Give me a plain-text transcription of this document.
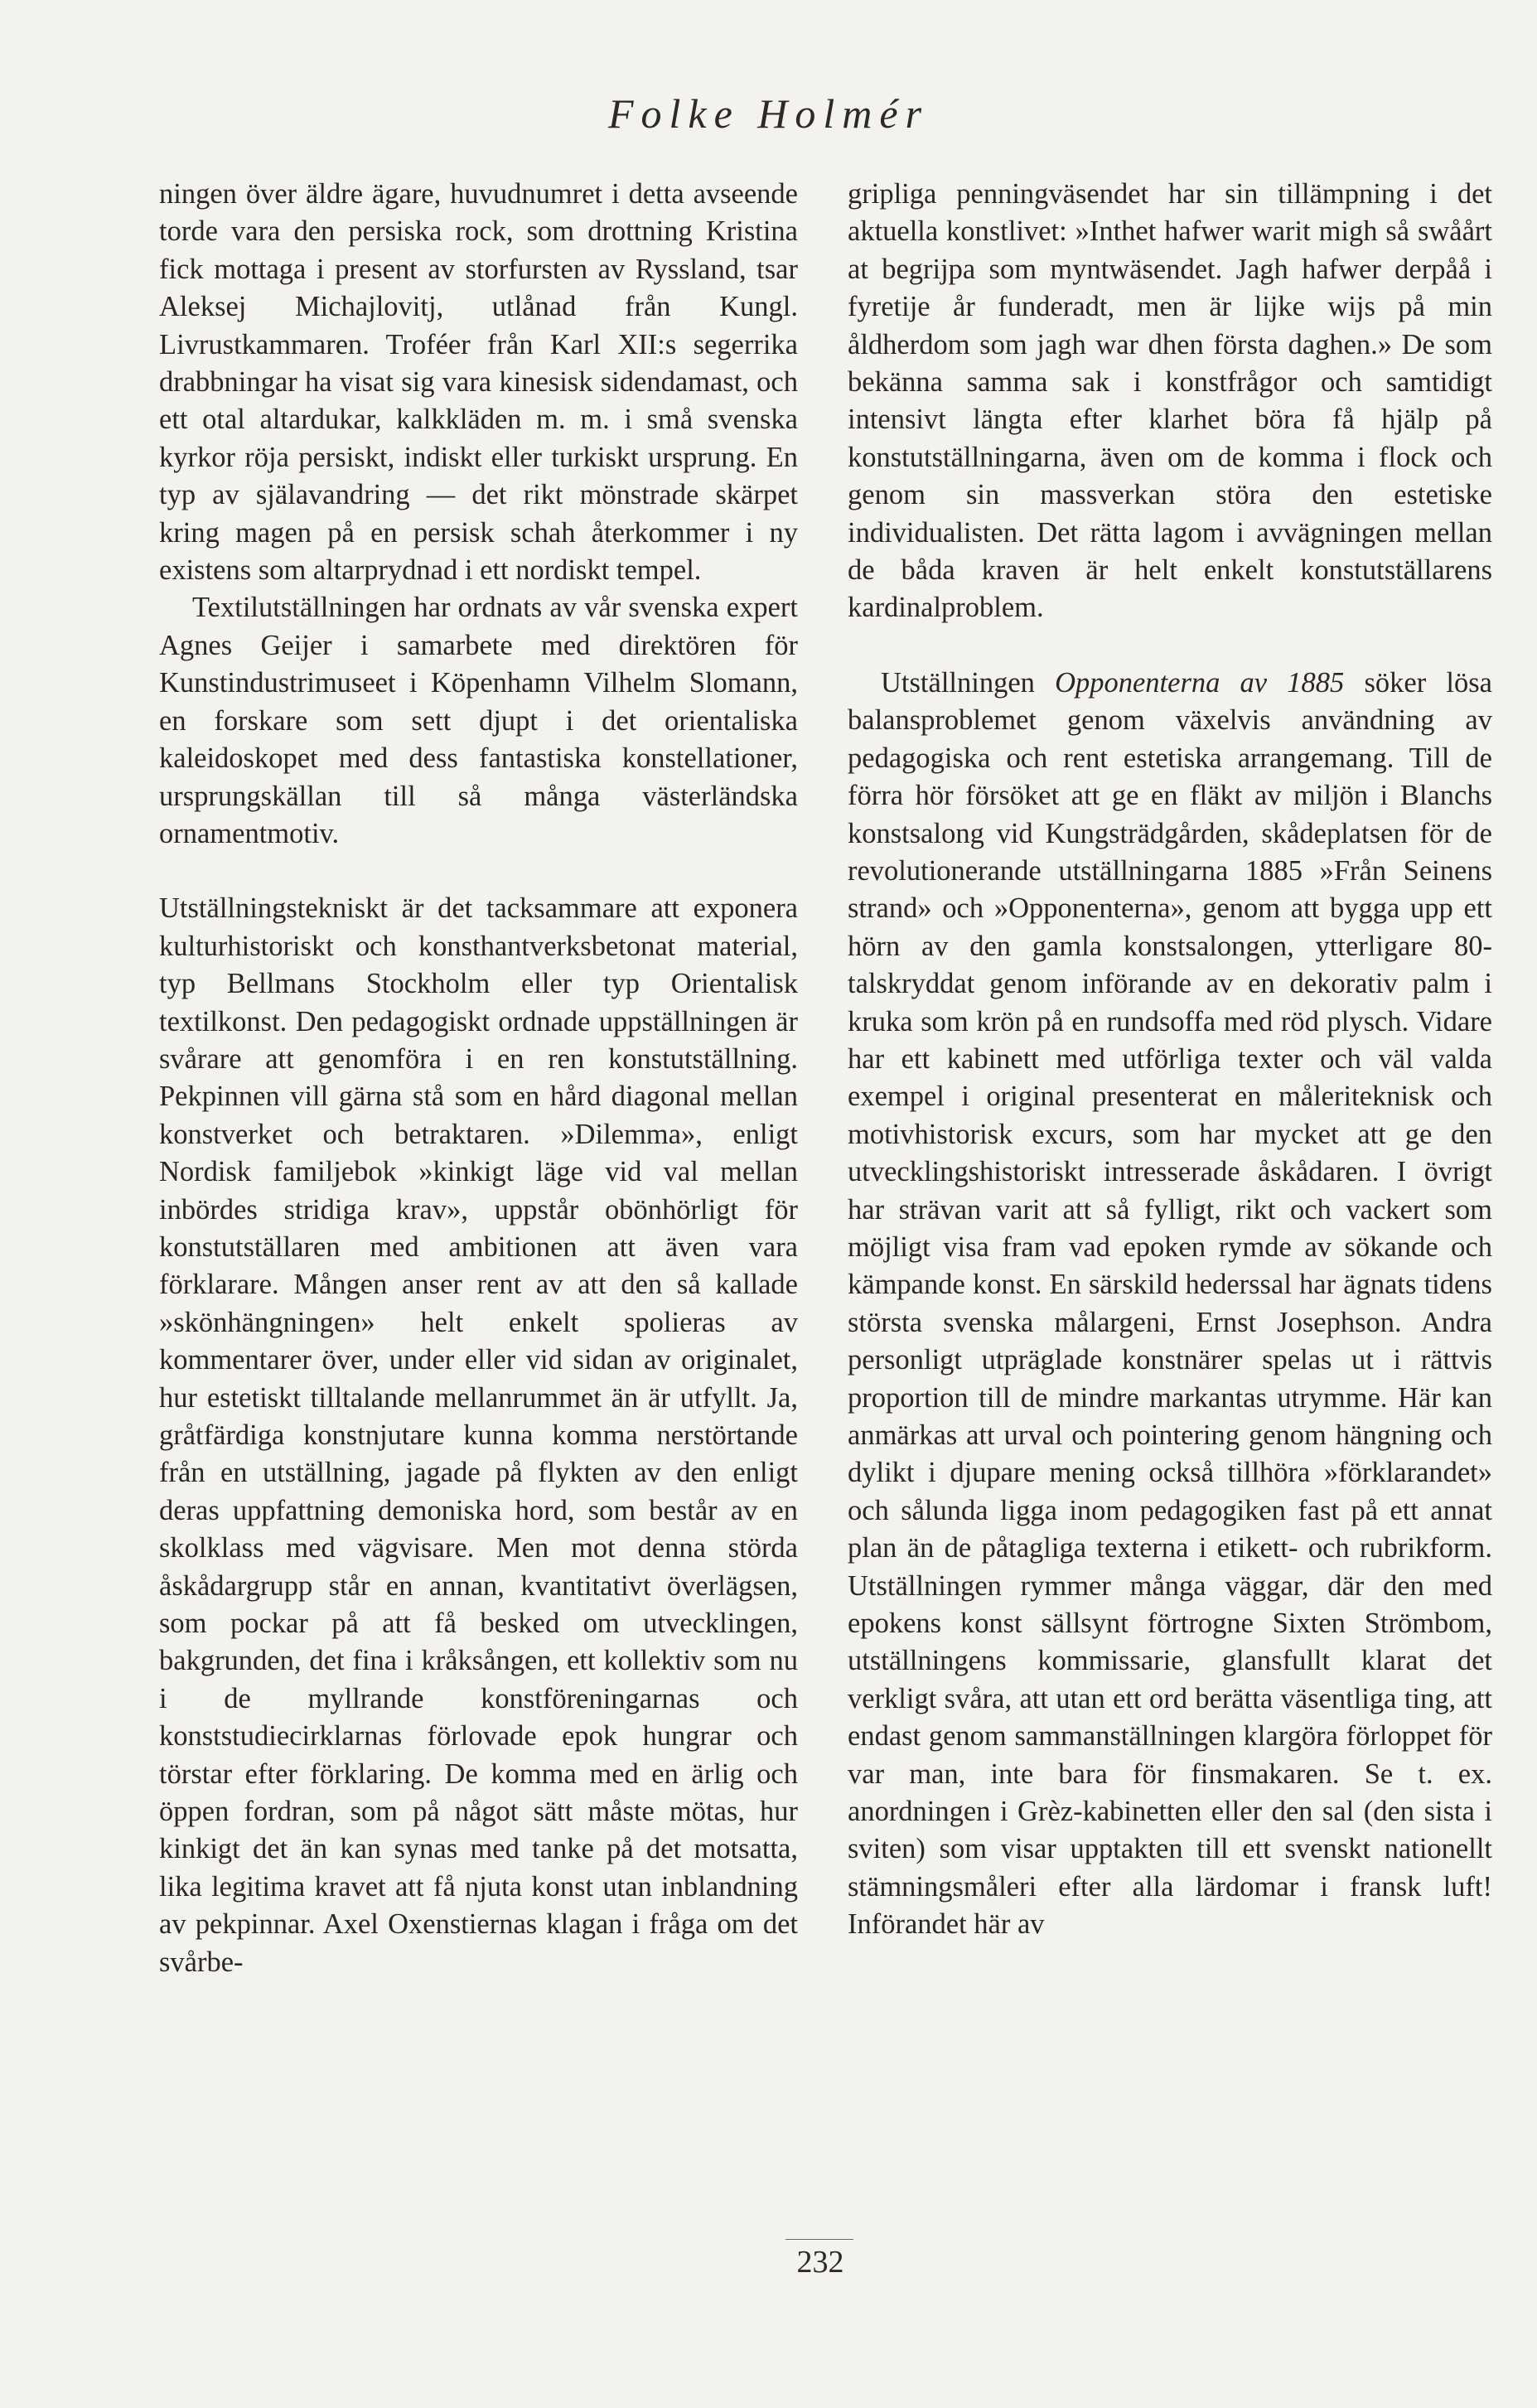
Folke Holmér

ningen över äldre ägare, huvudnumret i detta avseende torde vara den persiska rock, som drottning Kristina fick mottaga i present av storfursten av Ryssland, tsar Aleksej Michajlovitj, utlånad från Kungl. Livrustkammaren. Troféer från Karl XII:s segerrika drabbningar ha visat sig vara kinesisk sidendamast, och ett otal altardukar, kalkkläden m. m. i små svenska kyrkor röja persiskt, indiskt eller turkiskt ursprung. En typ av själavandring — det rikt mönstrade skärpet kring magen på en persisk schah återkommer i ny existens som altarprydnad i ett nordiskt tempel.

Textilutställningen har ordnats av vår svenska expert Agnes Geijer i samarbete med direktören för Kunstindustrimuseet i Köpenhamn Vilhelm Slomann, en forskare som sett djupt i det orientaliska kaleidoskopet med dess fantastiska konstellationer, ursprungskällan till så många västerländska ornamentmotiv.

Utställningstekniskt är det tacksammare att exponera kulturhistoriskt och konsthantverksbetonat material, typ Bellmans Stockholm eller typ Orientalisk textilkonst. Den pedagogiskt ordnade uppställningen är svårare att genomföra i en ren konstutställning. Pekpinnen vill gärna stå som en hård diagonal mellan konstverket och betraktaren. »Dilemma», enligt Nordisk familjebok »kinkigt läge vid val mellan inbördes stridiga krav», uppstår obönhörligt för konstutställaren med ambitionen att även vara förklarare. Mången anser rent av att den så kallade »skönhängningen» helt enkelt spolieras av kommentarer över, under eller vid sidan av originalet, hur estetiskt tilltalande mellanrummet än är utfyllt. Ja, gråtfärdiga konstnjutare kunna komma nerstörtande från en utställning, jagade på flykten av den enligt deras uppfattning demoniska hord, som består av en skolklass med vägvisare. Men mot denna störda åskådargrupp står en annan, kvantitativt överlägsen, som pockar på att få besked om utvecklingen, bakgrunden, det fina i kråksången, ett kollektiv som nu i de myllrande konstföreningarnas och konststudiecirklarnas förlovade epok hungrar och törstar efter förklaring. De komma med en ärlig och öppen fordran, som på något sätt måste mötas, hur kinkigt det än kan synas med tanke på det motsatta, lika legitima kravet att få njuta konst utan inblandning av pekpinnar. Axel Oxenstiernas klagan i fråga om det svårbe-

gripliga penningväsendet har sin tillämpning i det aktuella konstlivet: »Inthet hafwer warit migh så swåårt at begrijpa som myntwäsendet. Jagh hafwer derpåå i fyretije år funderadt, men är lijke wijs på min åldherdom som jagh war dhen första daghen.» De som bekänna samma sak i konstfrågor och samtidigt intensivt längta efter klarhet böra få hjälp på konstutställningarna, även om de komma i flock och genom sin massverkan störa den estetiske individualisten. Det rätta lagom i avvägningen mellan de båda kraven är helt enkelt konstutställarens kardinalproblem.

Utställningen Opponenterna av 1885 söker lösa balansproblemet genom växelvis användning av pedagogiska och rent estetiska arrangemang. Till de förra hör försöket att ge en fläkt av miljön i Blanchs konstsalong vid Kungsträdgården, skådeplatsen för de revolutionerande utställningarna 1885 »Från Seinens strand» och »Opponenterna», genom att bygga upp ett hörn av den gamla konstsalongen, ytterligare 80-talskryddat genom införande av en dekorativ palm i kruka som krön på en rundsoffa med röd plysch. Vidare har ett kabinett med utförliga texter och väl valda exempel i original presenterat en måleriteknisk och motivhistorisk excurs, som har mycket att ge den utvecklingshistoriskt intresserade åskådaren. I övrigt har strävan varit att så fylligt, rikt och vackert som möjligt visa fram vad epoken rymde av sökande och kämpande konst. En särskild hederssal har ägnats tidens största svenska målargeni, Ernst Josephson. Andra personligt utpräglade konstnärer spelas ut i rättvis proportion till de mindre markantas utrymme. Här kan anmärkas att urval och pointering genom hängning och dylikt i djupare mening också tillhöra »förklarandet» och sålunda ligga inom pedagogiken fast på ett annat plan än de påtagliga texterna i etikett- och rubrikform. Utställningen rymmer många väggar, där den med epokens konst sällsynt förtrogne Sixten Strömbom, utställningens kommissarie, glansfullt klarat det verkligt svåra, att utan ett ord berätta väsentliga ting, att endast genom sammanställningen klargöra förloppet för var man, inte bara för finsmakaren. Se t. ex. anordningen i Grèz-kabinetten eller den sal (den sista i sviten) som visar upptakten till ett svenskt nationellt stämningsmåleri efter alla lärdomar i fransk luft! Införandet här av

232
